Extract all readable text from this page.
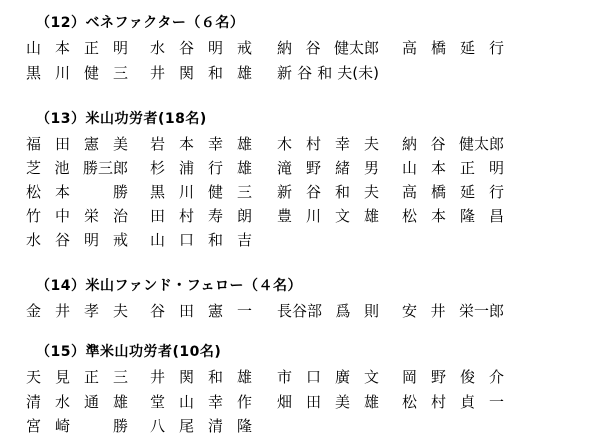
（12）ベネファクター（６名）
山 本 正 明 水 谷 明 戒 納 谷 健太郎 高 橋 延 行
黒 川 健 三 井 関 和 雄 新 谷 和 夫(未)
（13）米山功労者(18名)
福 田 憲 美 岩 本 幸 雄 木 村 幸 夫 納 谷 健太郎
芝 池 勝三郎 杉 浦 行 雄 滝 野 緒 男 山 本 正 明
松 本
　	勝 黒 川 健 三 新 谷 和 夫 高 橋 延 行
竹 中 栄 治 田 村 寿 朗 豊 川 文 雄 松 本 隆 昌
水 谷 明 戒 山 口 和 吉
（14）米山ファンド・フェロー（４名）
金 井 孝 夫 谷 田 憲 一 長谷部 爲 則 安 井 栄一郎
（15）準米山功労者(10名)
天 見 正 三 井 関 和 雄 市 口 廣 文 岡 野 俊 介
清 水 通 雄 堂 山 幸 作 畑 田 美 雄 松 村 貞 一
宮 崎
　	勝 八 尾 清 隆
